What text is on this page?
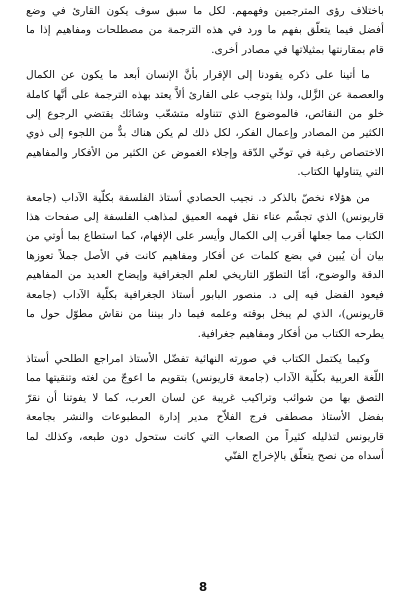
باختلاف رؤى المترجمين وفهمهم. لكل ما سبق سوف يكون القارئ في وضع أفضل فيما يتعلّق بفهم ما ورد في هذه الترجمة من مصطلحات ومفاهيم إذا ما قام بمقارنتها بمثيلاتها في مصادر أخرى.

ما أتينا على ذكره يقودنا إلى الإقرار بأنَّ الإنسان أبعد ما يكون عن الكمال والعصمة عن الزَّلل، ولذا يتوجب على القارئ ألاَّ يعتد بهذه الترجمة على أنَّها كاملة خلو من النقائص، فالموضوع الذي تتناوله متشعّب وشائك يقتضي الرجوع إلى الكثير من المصادر وإعمال الفكر، لكل ذلك لم يكن هناك بدٌّ من اللجوء إلى ذوي الاختصاص رغبة في توخّي الدّقة وإجلاء الغموض عن الكثير من الأفكار والمفاهيم التي يتناولها الكتاب.

من هؤلاء نخصّ بالذكر د. نجيب الحصادي أستاذ الفلسفة بكلّية الآداب (جامعة قاريونس) الذي تجشّم عناء نقل فهمه العميق لمذاهب الفلسفة إلى صفحات هذا الكتاب مما جعلها أقرب إلى الكمال وأيسر على الإفهام، كما استطاع بما أوتي من بيان أن يُبين في بضع كلمات عن أفكار ومفاهيم كانت في الأصل جملاً تعوزها الدقة والوضوح، أمّا التطوّر التاريخي لعلم الجغرافية وإيضاح العديد من المفاهيم فيعود الفضل فيه إلى د. منصور البابور أستاذ الجغرافية بكلّية الآداب (جامعة قاريونس)، الذي لم يبخل بوقته وعلمه فيما دار بيننا من نقاش مطوّل حول ما يطرحه الكتاب من أفكار ومفاهيم جغرافية.

وكيما يكتمل الكتاب في صورته النهائية تفضّل الأستاذ امراجع الطلحي أستاذ اللّغة العربية بكلّية الآداب (جامعة قاريونس) بتقويم ما اعوجّ من لغته وتنقيتها مما التصق بها من شوائب وتراكيب غريبة عن لسان العرب، كما لا يفوتنا أن نقرّ بفضل الأستاذ مصطفى فرج الفلاّح مدير إدارة المطبوعات والنشر بجامعة قاريونس لتذليله كثيراً من الصعاب التي كانت ستحول دون طبعه، وكذلك لما أسداه من نصح يتعلّق بالإخراج الفنّي

8
